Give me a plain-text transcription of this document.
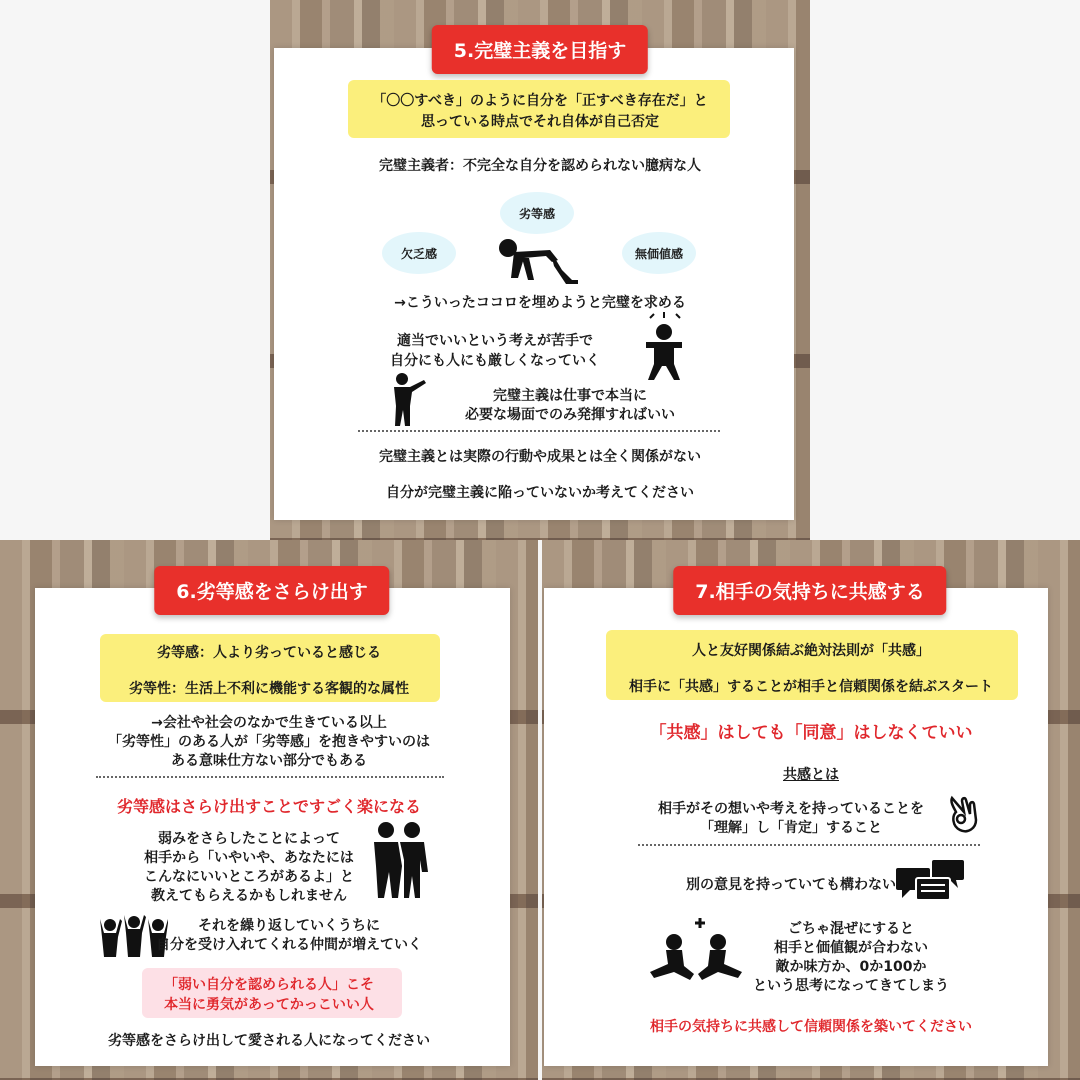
5.完璧主義を目指す
「〇〇すべき」のように自分を「正すべき存在だ」と
思っている時点でそれ自体が自己否定
完璧主義者：不完全な自分を認められない臆病な人
劣等感
欠乏感	無価値感
→こういったココロを埋めようと完璧を求める
適当でいいという考えが苦手で
自分にも人にも厳しくなっていく
完璧主義は仕事で本当に
必要な場面でのみ発揮すればいい
完璧主義とは実際の行動や成果とは全く関係がない
自分が完璧主義に陥っていないか考えてください
6.劣等感をさらけ出す
劣等感：人より劣っていると感じる
劣等性：生活上不利に機能する客観的な属性
→会社や社会のなかで生きている以上
「劣等性」のある人が「劣等感」を抱きやすいのは
ある意味仕方ない部分でもある
劣等感はさらけ出すことですごく楽になる
弱みをさらしたことによって
相手から「いやいや、あなたには
こんなにいいところがあるよ」と
教えてもらえるかもしれません
それを繰り返していくうちに
自分を受け入れてくれる仲間が増えていく
「弱い自分を認められる人」こそ
本当に勇気があってかっこいい人
劣等感をさらけ出して愛される人になってください
7.相手の気持ちに共感する
人と友好関係結ぶ絶対法則が「共感」
相手に「共感」することが相手と信頼関係を結ぶスタート
「共感」はしても「同意」はしなくていい
共感とは
相手がその想いや考えを持っていることを
「理解」し「肯定」すること
別の意見を持っていても構わない
ごちゃ混ぜにすると
相手と価値観が合わない
敵か味方か、0か100か
という思考になってきてしまう
相手の気持ちに共感して信頼関係を築いてください
